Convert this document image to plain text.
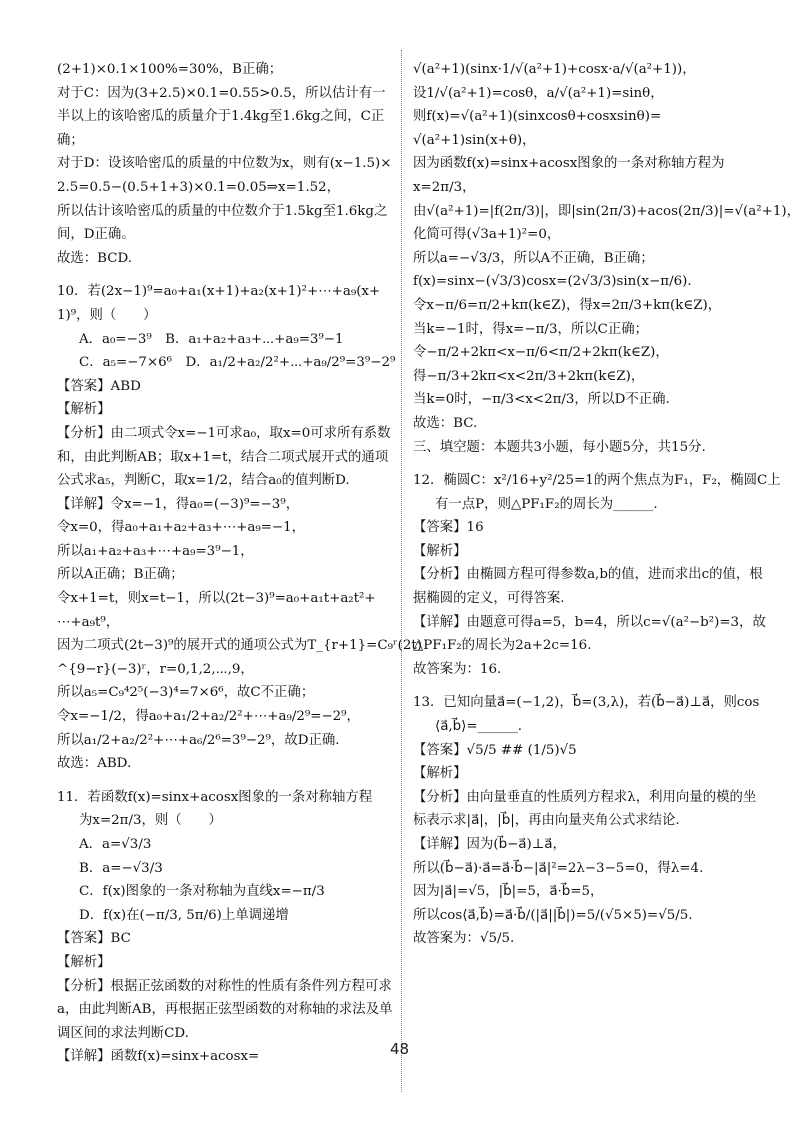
(2+1)×0.1×100%=30%，B正确；

对于C：因为(3+2.5)×0.1=0.55>0.5，所以估计有一

半以上的该哈密瓜的质量介于1.4kg至1.6kg之间，C正

确；

对于D：设该哈密瓜的质量的中位数为x，则有(x−1.5)×

2.5=0.5−(0.5+1+3)×0.1=0.05⇒x=1.52，

所以估计该哈密瓜的质量的中位数介于1.5kg至1.6kg之

间，D正确。

故选：BCD.

10．若(2x−1)⁹=a₀+a₁(x+1)+a₂(x+1)²+⋯+a₉(x+

1)⁹，则（　　）

A．a₀=−3⁹　B．a₁+a₂+a₃+⋯+a₉=3⁹−1

C．a₅=−7×6⁶　D．a₁/2+a₂/2²+⋯+a₉/2⁹=3⁹−2⁹

【答案】ABD

【解析】

【分析】由二项式令x=−1可求a₀，取x=0可求所有系数

和，由此判断AB；取x+1=t，结合二项式展开式的通项

公式求a₅，判断C，取x=1/2，结合a₀的值判断D.

【详解】令x=−1，得a₀=(−3)⁹=−3⁹，

令x=0，得a₀+a₁+a₂+a₃+⋯+a₉=−1，

所以a₁+a₂+a₃+⋯+a₉=3⁹−1，

所以A正确；B正确；

令x+1=t，则x=t−1，所以(2t−3)⁹=a₀+a₁t+a₂t²+

⋯+a₉t⁹，

因为二项式(2t−3)⁹的展开式的通项公式为T_{r+1}=C₉ʳ(2t)

^{9−r}(−3)ʳ，r=0,1,2,⋯,9，

所以a₅=C₉⁴2⁵(−3)⁴=7×6⁶，故C不正确；

令x=−1/2，得a₀+a₁/2+a₂/2²+⋯+a₉/2⁹=−2⁹，

所以a₁/2+a₂/2²+⋯+a₆/2⁶=3⁹−2⁹，故D正确.

故选：ABD.

11．若函数f(x)=sinx+acosx图象的一条对称轴方程

为x=2π/3，则（　　）

A．a=√3/3

B．a=−√3/3

C．f(x)图象的一条对称轴为直线x=−π/3

D．f(x)在(−π/3, 5π/6)上单调递增

【答案】BC

【解析】

【分析】根据正弦函数的对称性的性质有条件列方程可求

a，由此判断AB，再根据正弦型函数的对称轴的求法及单

调区间的求法判断CD.

【详解】函数f(x)=sinx+acosx=

√(a²+1)(sinx·1/√(a²+1)+cosx·a/√(a²+1))，

设1/√(a²+1)=cosθ，a/√(a²+1)=sinθ，

则f(x)=√(a²+1)(sinxcosθ+cosxsinθ)=

√(a²+1)sin(x+θ)，

因为函数f(x)=sinx+acosx图象的一条对称轴方程为

x=2π/3，

由√(a²+1)=|f(2π/3)|，即|sin(2π/3)+acos(2π/3)|=√(a²+1)，

化简可得(√3a+1)²=0，

所以a=−√3/3，所以A不正确，B正确；

f(x)=sinx−(√3/3)cosx=(2√3/3)sin(x−π/6).

令x−π/6=π/2+kπ(k∈Z)，得x=2π/3+kπ(k∈Z)，

当k=−1时，得x=−π/3，所以C正确；

令−π/2+2kπ<x−π/6<π/2+2kπ(k∈Z)，

得−π/3+2kπ<x<2π/3+2kπ(k∈Z)，

当k=0时，−π/3<x<2π/3，所以D不正确.

故选：BC.

三、填空题：本题共3小题，每小题5分，共15分.

12．椭圆C：x²/16+y²/25=1的两个焦点为F₁，F₂，椭圆C上

有一点P，则△PF₁F₂的周长为______.

【答案】16

【解析】

【分析】由椭圆方程可得参数a,b的值，进而求出c的值，根

据椭圆的定义，可得答案.

【详解】由题意可得a=5，b=4，所以c=√(a²−b²)=3，故

△PF₁F₂的周长为2a+2c=16.

故答案为：16.

13．已知向量a⃗=(−1,2)，b⃗=(3,λ)，若(b⃗−a⃗)⊥a⃗，则cos

⟨a⃗,b⃗⟩=______.

【答案】√5/5 ## (1/5)√5

【解析】

【分析】由向量垂直的性质列方程求λ，利用向量的模的坐

标表示求|a⃗|，|b⃗|，再由向量夹角公式求结论.

【详解】因为(b⃗−a⃗)⊥a⃗，

所以(b⃗−a⃗)·a⃗=a⃗·b⃗−|a⃗|²=2λ−3−5=0，得λ=4.

因为|a⃗|=√5，|b⃗|=5，a⃗·b⃗=5，

所以cos⟨a⃗,b⃗⟩=a⃗·b⃗/(|a⃗||b⃗|)=5/(√5×5)=√5/5.

故答案为：√5/5.

48
